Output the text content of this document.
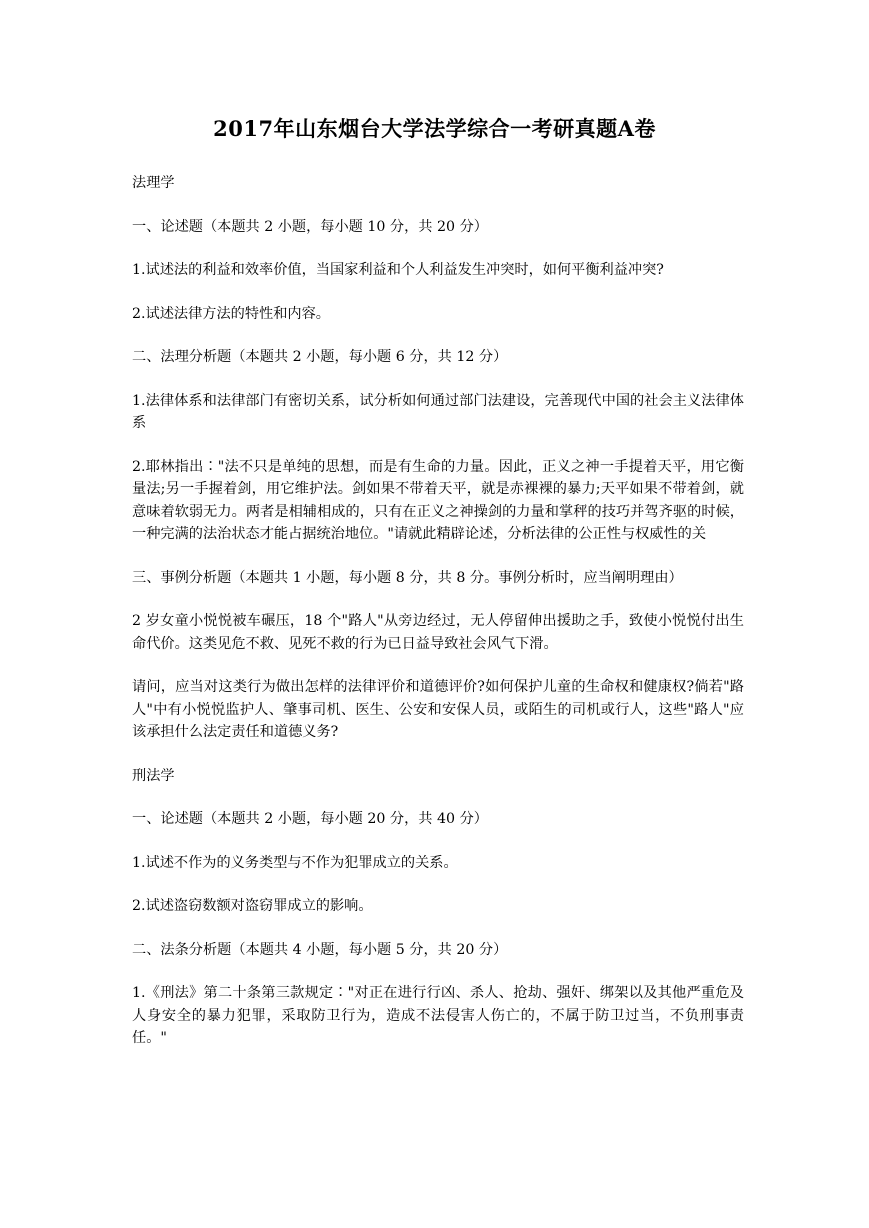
2017年山东烟台大学法学综合一考研真题A卷

法理学

一、论述题（本题共 2 小题，每小题 10 分，共 20 分）

1.试述法的利益和效率价值，当国家利益和个人利益发生冲突时，如何平衡利益冲突?

2.试述法律方法的特性和内容。

二、法理分析题（本题共 2 小题，每小题 6 分，共 12 分）

1.法律体系和法律部门有密切关系，试分析如何通过部门法建设，完善现代中国的社会主义法律体系

2.耶林指出∶"法不只是单纯的思想，而是有生命的力量。因此，正义之神一手提着天平，用它衡量法;另一手握着剑，用它维护法。剑如果不带着天平，就是赤裸裸的暴力;天平如果不带着剑，就意味着软弱无力。两者是相辅相成的，只有在正义之神操剑的力量和掌秤的技巧并驾齐驱的时候，一种完满的法治状态才能占据统治地位。"请就此精辟论述，分析法律的公正性与权威性的关

三、事例分析题（本题共 1 小题，每小题 8 分，共 8 分。事例分析时，应当阐明理由）

2 岁女童小悦悦被车碾压，18 个"路人"从旁边经过，无人停留伸出援助之手，致使小悦悦付出生命代价。这类见危不救、见死不救的行为已日益导致社会风气下滑。

请问，应当对这类行为做出怎样的法律评价和道德评价?如何保护儿童的生命权和健康权?倘若"路人"中有小悦悦监护人、肇事司机、医生、公安和安保人员，或陌生的司机或行人，这些"路人"应该承担什么法定责任和道德义务?

刑法学

一、论述题（本题共 2 小题，每小题 20 分，共 40 分）

1.试述不作为的义务类型与不作为犯罪成立的关系。

2.试述盗窃数额对盗窃罪成立的影响。

二、法条分析题（本题共 4 小题，每小题 5 分，共 20 分）

1.《刑法》第二十条第三款规定∶"对正在进行行凶、杀人、抢劫、强奸、绑架以及其他严重危及人身安全的暴力犯罪，采取防卫行为，造成不法侵害人伤亡的，不属于防卫过当，不负刑事责任。"
